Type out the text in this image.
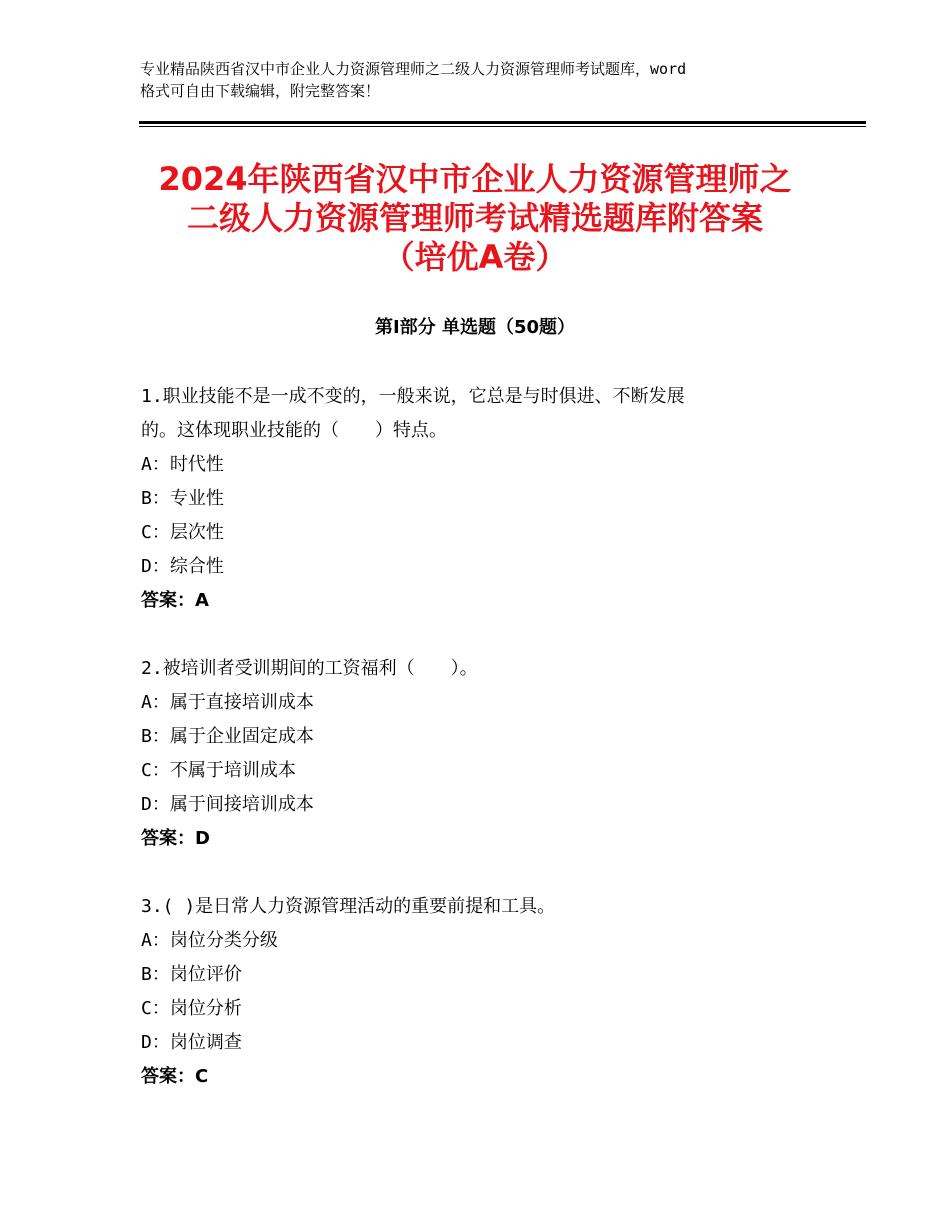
专业精品陕西省汉中市企业人力资源管理师之二级人力资源管理师考试题库，word
格式可自由下载编辑，附完整答案！
2024年陕西省汉中市企业人力资源管理师之
二级人力资源管理师考试精选题库附答案
（培优A卷）
第Ⅰ部分 单选题（50题）

1.职业技能不是一成不变的，一般来说，它总是与时俱进、不断发展

的。这体现职业技能的（　　）特点。

A：时代性

B：专业性

C：层次性

D：综合性

答案：A

2.被培训者受训期间的工资福利（　　）。

A：属于直接培训成本

B：属于企业固定成本

C：不属于培训成本

D：属于间接培训成本

答案：D

3.( )是日常人力资源管理活动的重要前提和工具。

A：岗位分类分级

B：岗位评价

C：岗位分析

D：岗位调查

答案：C
